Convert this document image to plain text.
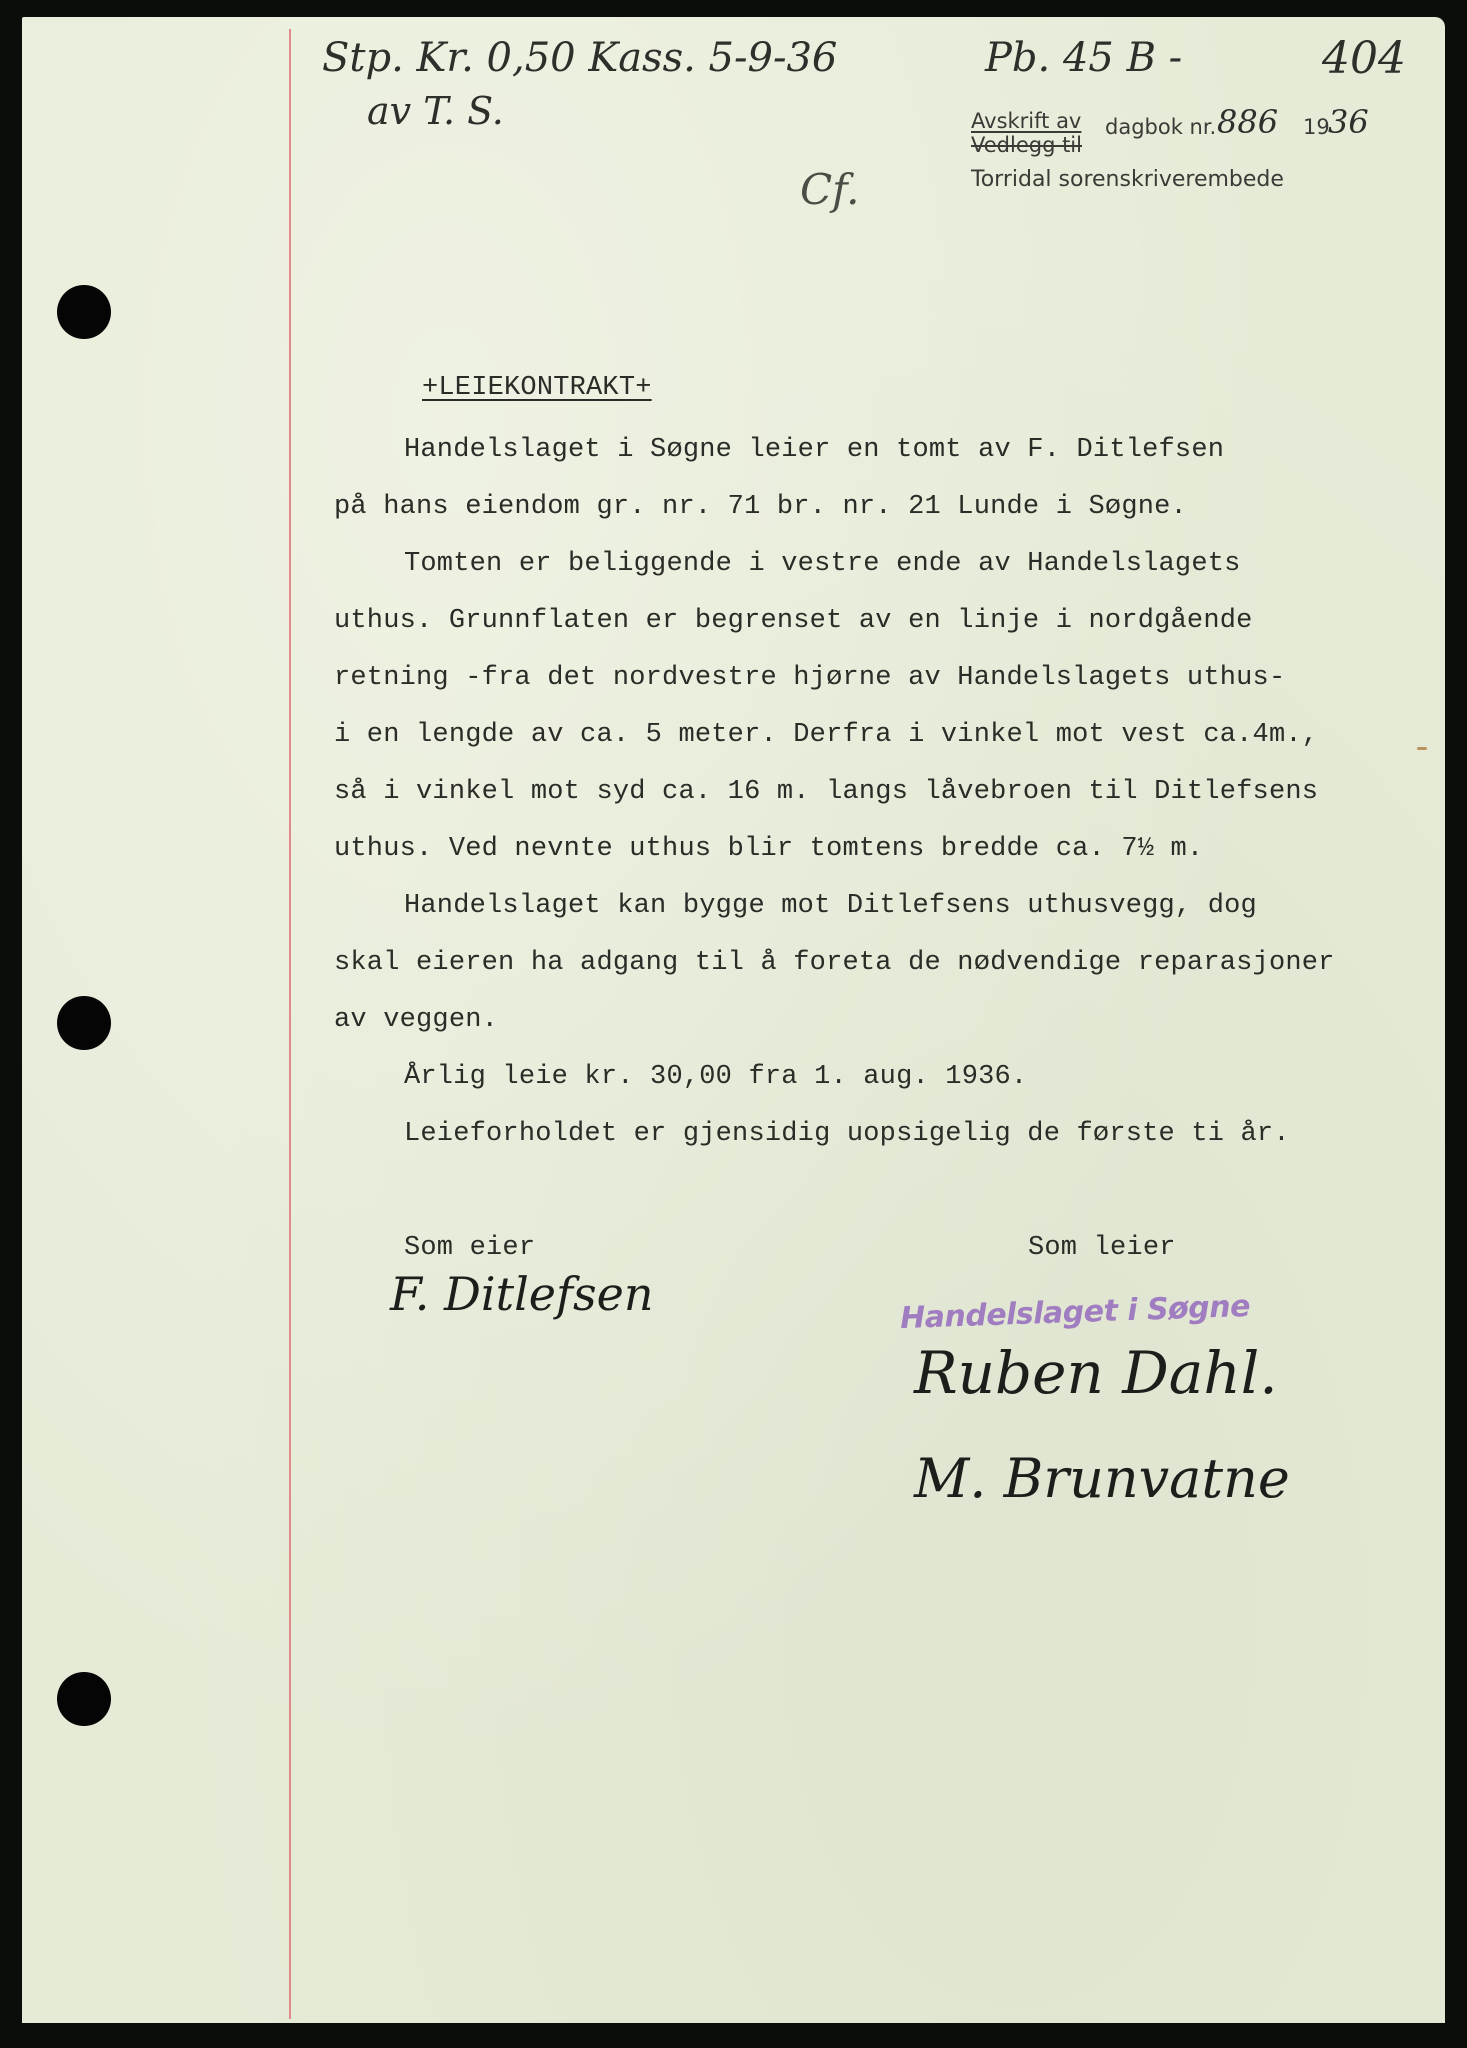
Stp. Kr. 0,50 Kass. 5-9-36
av T. S.
Pb. 45 B -	404
Cf.
Avskrift av
Vedlegg til
dagbok nr. 886 19
36
Torridal sorenskriverembede
+LEIEKONTRAKT+
Handelslaget i Søgne leier en tomt av F. Ditlefsen
på hans eiendom gr. nr. 71 br. nr. 21 Lunde i Søgne.
Tomten er beliggende i vestre ende av Handelslagets
uthus. Grunnflaten er begrenset av en linje i nordgående
retning -fra det nordvestre hjørne av Handelslagets uthus-
i en lengde av ca. 5 meter. Derfra i vinkel mot vest ca.4m.,
så i vinkel mot syd ca. 16 m. langs låvebroen til Ditlefsens
uthus. Ved nevnte uthus blir tomtens bredde ca. 7½ m.
Handelslaget kan bygge mot Ditlefsens uthusvegg, dog
skal eieren ha adgang til å foreta de nødvendige reparasjoner
av veggen.
Årlig leie kr. 30,00 fra 1. aug. 1936.
Leieforholdet er gjensidig uopsigelig de første ti år.
Som eier
F. Ditlefsen
Som leier
Handelslaget i Søgne
Ruben Dahl.
M. Brunvatne
